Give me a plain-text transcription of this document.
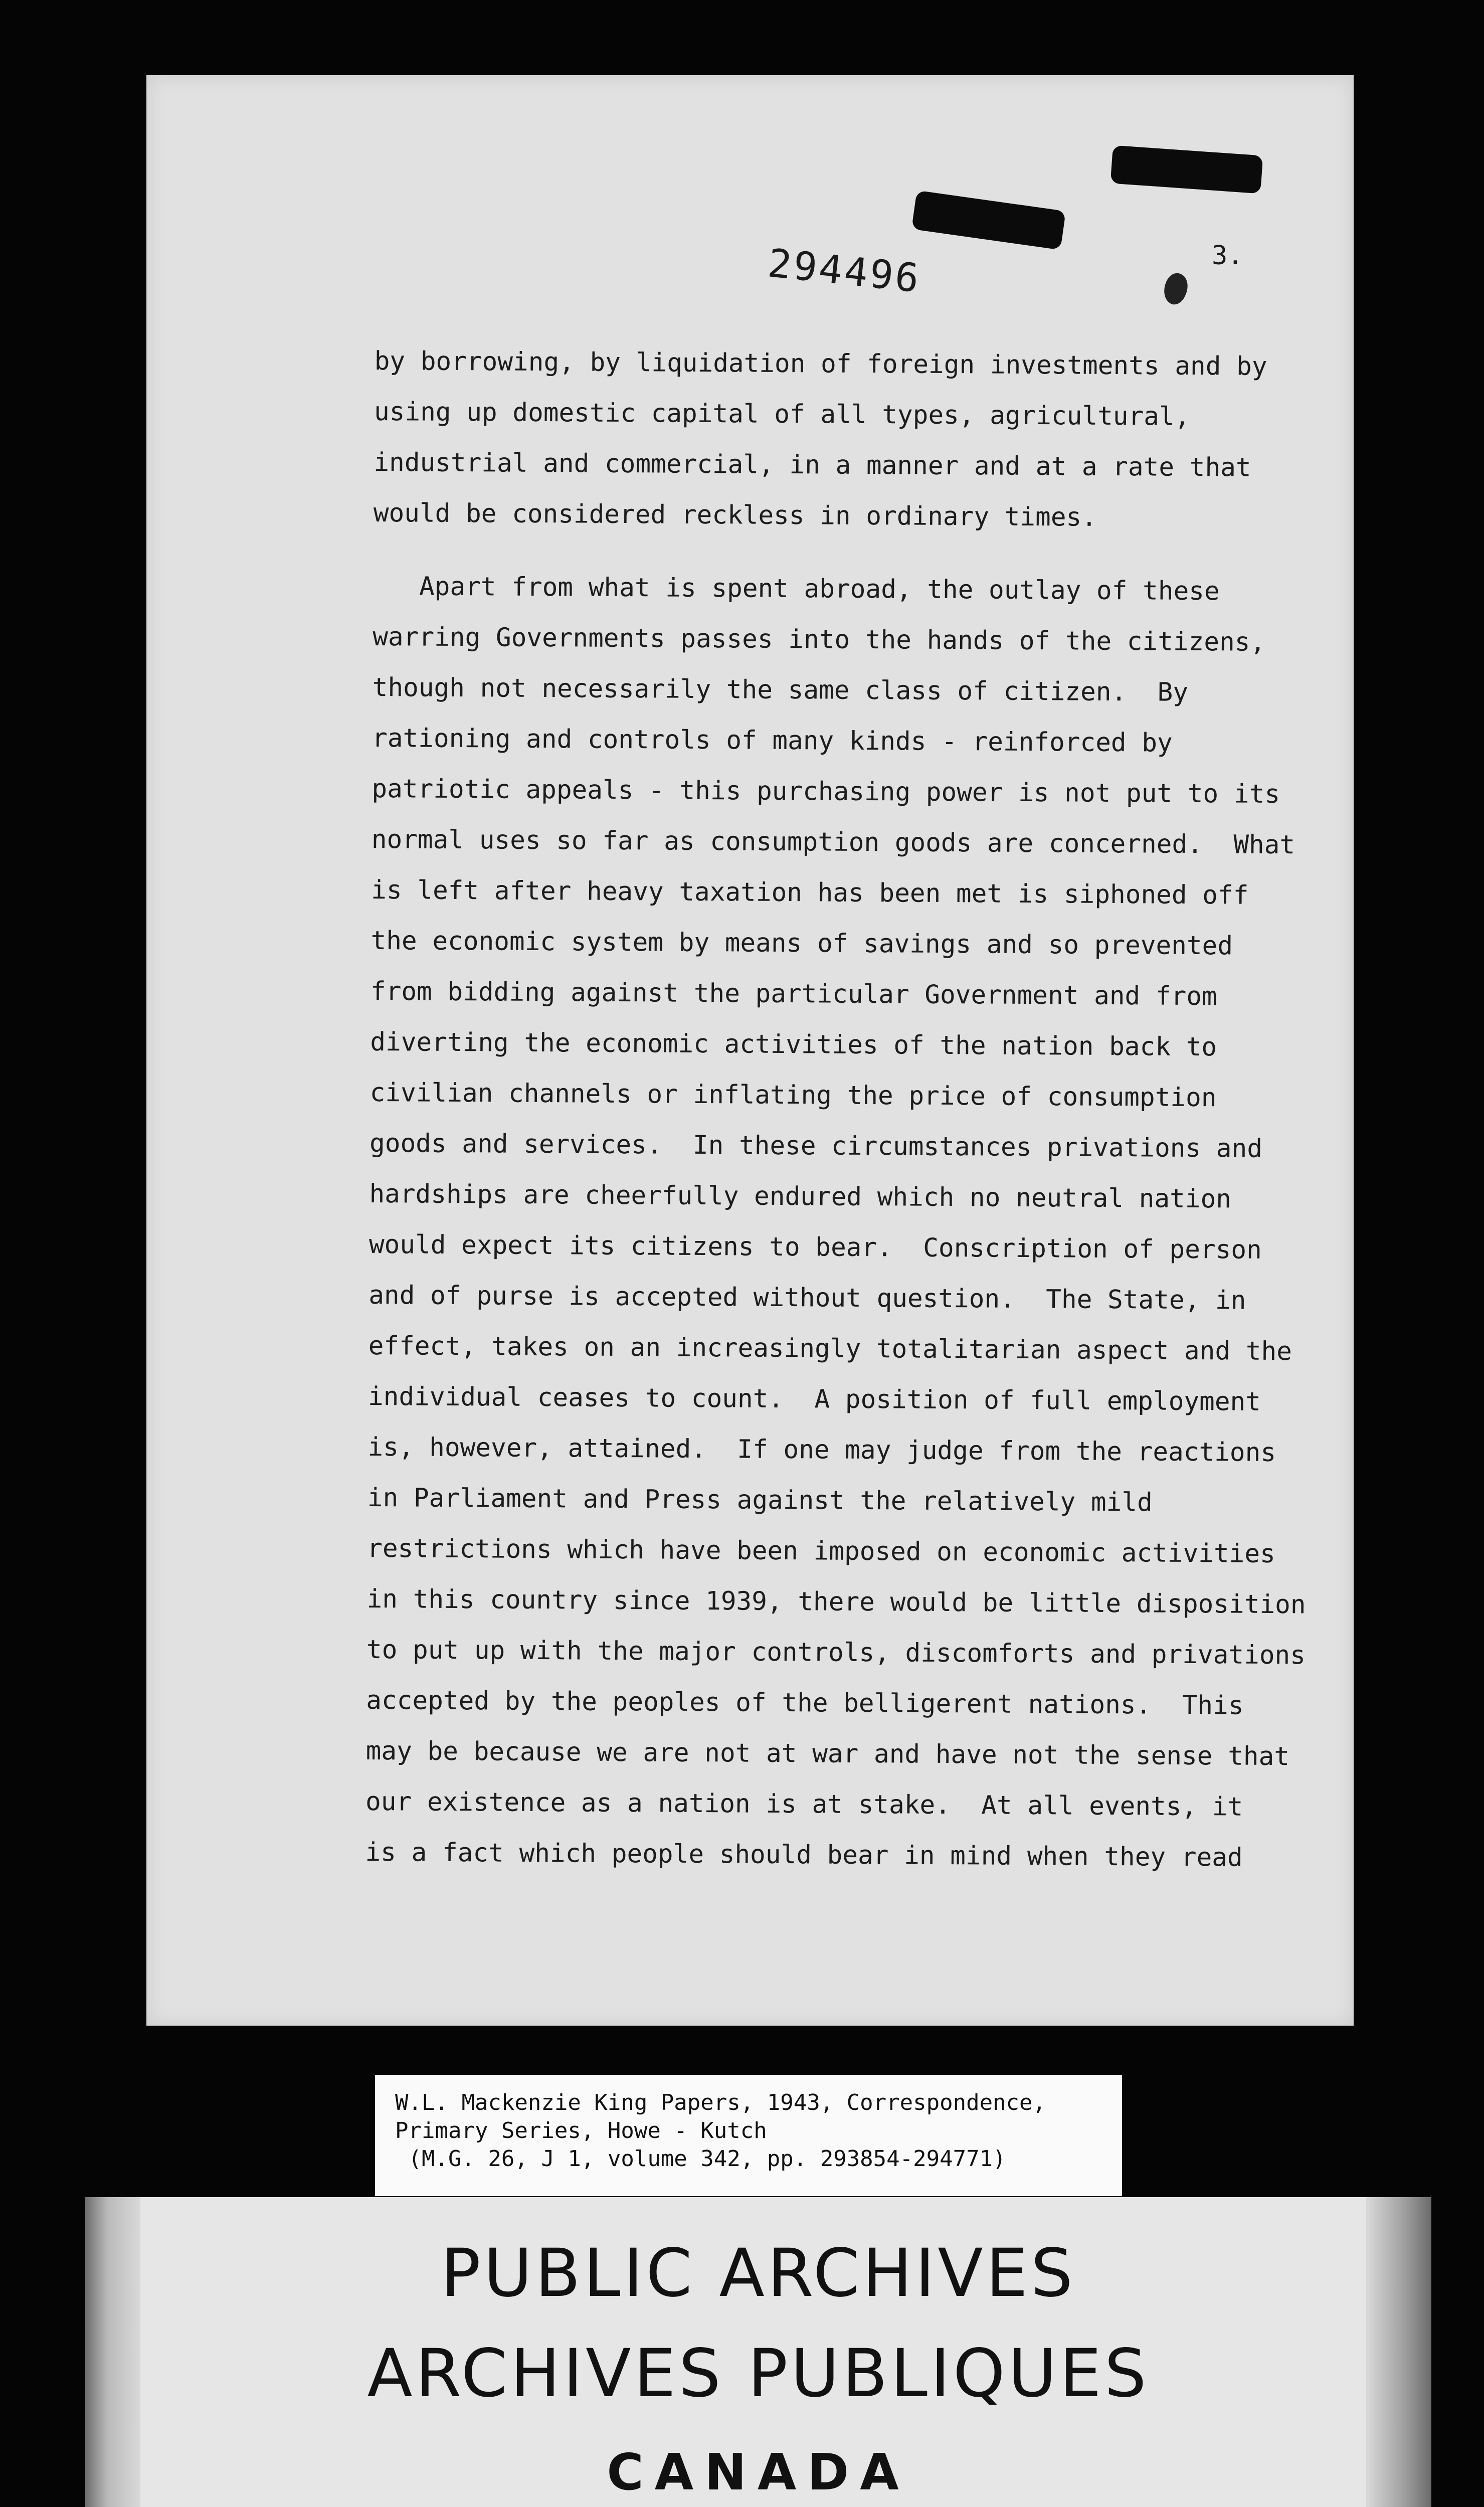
294496	3.
by borrowing, by liquidation of foreign investments and by
using up domestic capital of all types, agricultural,
industrial and commercial, in a manner and at a rate that
would be considered reckless in ordinary times.
Apart from what is spent abroad, the outlay of these
warring Governments passes into the hands of the citizens,
though not necessarily the same class of citizen.  By
rationing and controls of many kinds - reinforced by
patriotic appeals - this purchasing power is not put to its
normal uses so far as consumption goods are concerned.  What
is left after heavy taxation has been met is siphoned off
the economic system by means of savings and so prevented
from bidding against the particular Government and from
diverting the economic activities of the nation back to
civilian channels or inflating the price of consumption
goods and services.  In these circumstances privations and
hardships are cheerfully endured which no neutral nation
would expect its citizens to bear.  Conscription of person
and of purse is accepted without question.  The State, in
effect, takes on an increasingly totalitarian aspect and the
individual ceases to count.  A position of full employment
is, however, attained.  If one may judge from the reactions
in Parliament and Press against the relatively mild
restrictions which have been imposed on economic activities
in this country since 1939, there would be little disposition
to put up with the major controls, discomforts and privations
accepted by the peoples of the belligerent nations.  This
may be because we are not at war and have not the sense that
our existence as a nation is at stake.  At all events, it
is a fact which people should bear in mind when they read
W.L. Mackenzie King Papers, 1943, Correspondence,
Primary Series, Howe - Kutch
(M.G. 26, J 1, volume 342, pp. 293854-294771)
PUBLIC ARCHIVES
ARCHIVES PUBLIQUES
CANADA
